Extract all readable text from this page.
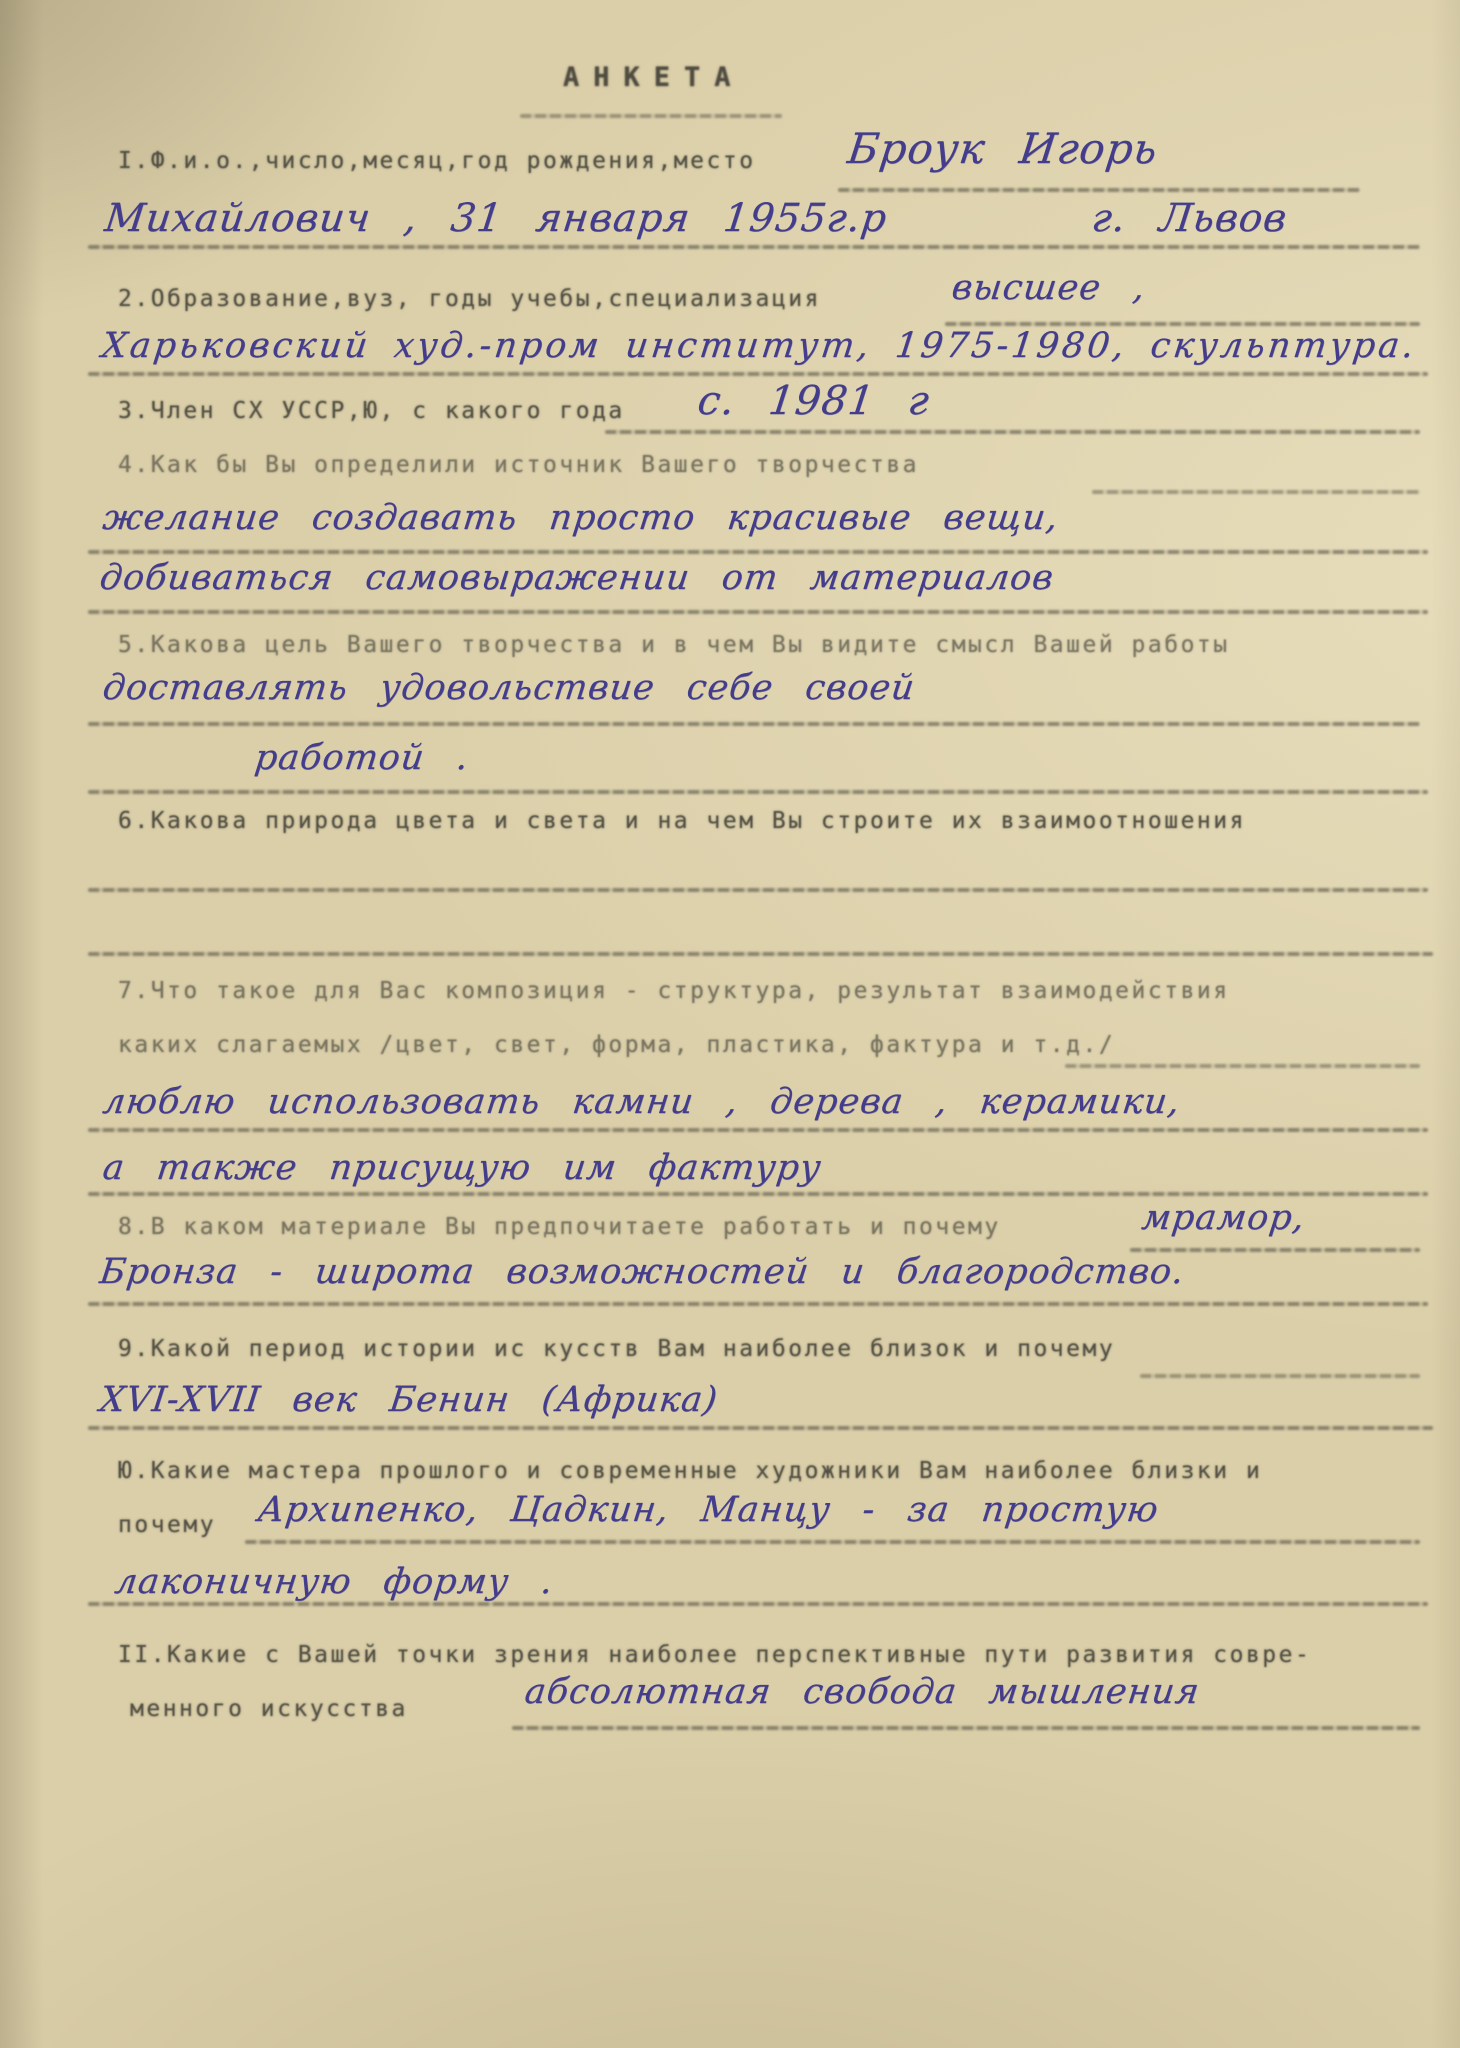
АНКЕТА
I.Ф.и.о.,число,месяц,год рождения,место Броук Игорь
Михайлович , 31 января 1955г.р	г. Львов
2.Образование,вуз, годы учебы,специализация	высшее ,
Харьковский худ.-пром институт, 1975-1980, скульптура.
3.Член СХ УССР,Ю, с какого года с. 1981 г
4.Как бы Вы определили источник Вашего творчества
желание создавать просто красивые вещи,
добиваться самовыражении от материалов
5.Какова цель Вашего творчества и в чем Вы видите смысл Вашей работы
доставлять удовольствие себе своей
работой .
6.Какова природа цвета и света и на чем Вы строите их взаимоотношения
7.Что такое для Вас композиция - структура, результат взаимодействия
каких слагаемых /цвет, свет, форма, пластика, фактура и т.д./
люблю использовать камни , дерева , керамики,
а также присущую им фактуру
8.В каком материале Вы предпочитаете работать и почему	мрамор,
Бронза - широта возможностей и благородство.
9.Какой период истории ис кусств Вам наиболее близок и почему
XVI-XVII век Бенин (Африка)
Ю.Какие мастера прошлого и современные художники Вам наиболее близки и
почему Архипенко, Цадкин, Манцу - за простую
лаконичную форму .
II.Какие с Вашей точки зрения наиболее перспективные пути развития совре-
менного искусства	абсолютная свобода мышления
